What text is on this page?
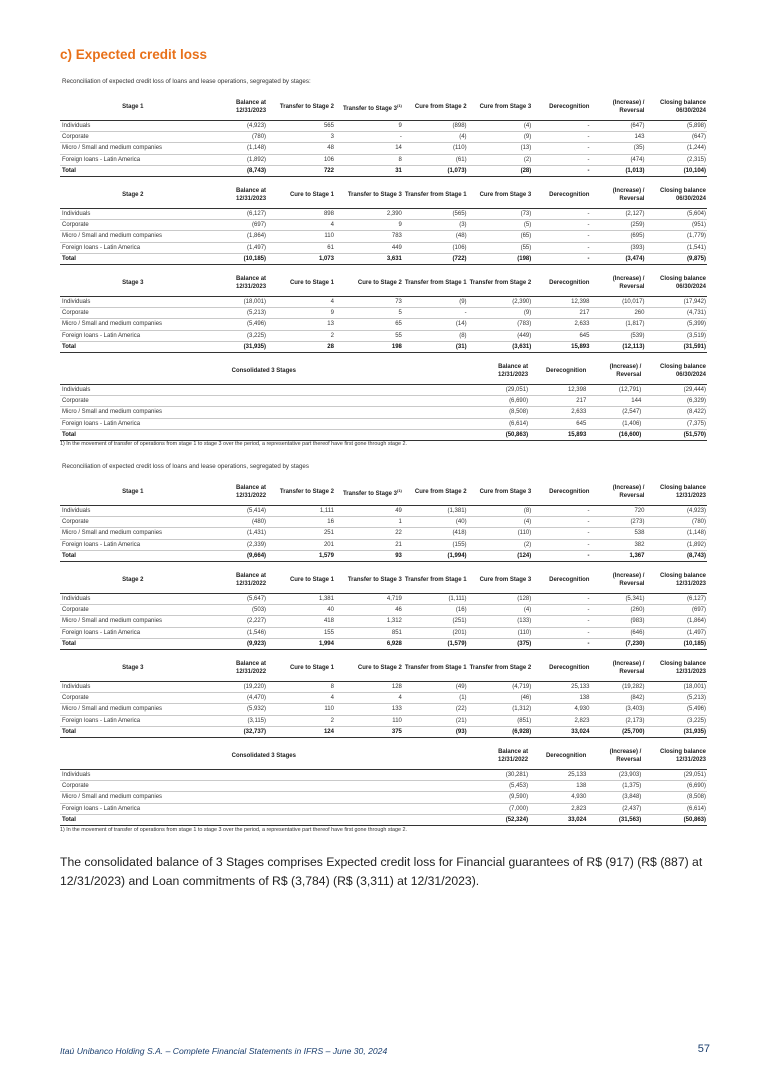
c) Expected credit loss
Reconciliation of expected credit loss of loans and lease operations, segregated by stages:
Stage 1	Balance at 12/31/2023	Transfer to Stage 2	Transfer to Stage 3$^{(1)}$	Cure from Stage 2	Cure from Stage 3	Derecognition	(Increase) / Reversal	Closing balance 06/30/2024
Individuals	(4,923)	565	9	(898)	(4)	-	(647)	(5,898)
Corporate	(780)	3	-	(4)	(9)	-	143	(647)
Micro / Small and medium companies	(1,148)	48	14	(110)	(13)	-	(35)	(1,244)
Foreign loans - Latin America	(1,892)	106	8	(61)	(2)	-	(474)	(2,315)
Total	(8,743)	722	31	(1,073)	(28)	-	(1,013)	(10,104)
Stage 2	Balance at 12/31/2023	Cure to Stage 1	Transfer to Stage 3	Transfer from Stage 1	Cure from Stage 3	Derecognition	(Increase) / Reversal	Closing balance 06/30/2024
Individuals	(6,127)	898	2,390	(565)	(73)	-	(2,127)	(5,604)
Corporate	(697)	4	9	(3)	(5)	-	(259)	(951)
Micro / Small and medium companies	(1,864)	110	783	(48)	(65)	-	(695)	(1,779)
Foreign loans - Latin America	(1,497)	61	449	(106)	(55)	-	(393)	(1,541)
Total	(10,185)	1,073	3,631	(722)	(198)	-	(3,474)	(9,875)
Stage 3	Balance at 12/31/2023	Cure to Stage 1	Cure to Stage 2	Transfer from Stage 1	Transfer from Stage 2	Derecognition	(Increase) / Reversal	Closing balance 06/30/2024
Individuals	(18,001)	4	73	(9)	(2,390)	12,398	(10,017)	(17,942)
Corporate	(5,213)	9	5	-	(9)	217	260	(4,731)
Micro / Small and medium companies	(5,496)	13	65	(14)	(783)	2,633	(1,817)	(5,399)
Foreign loans - Latin America	(3,225)	2	55	(8)	(449)	645	(539)	(3,519)
Total	(31,935)	28	198	(31)	(3,631)	15,893	(12,113)	(31,591)
Consolidated 3 Stages	Balance at 12/31/2023	Derecognition	(Increase) / Reversal	Closing balance 06/30/2024
Individuals	(29,051)	12,398	(12,791)	(29,444)
Corporate	(6,690)	217	144	(6,329)
Micro / Small and medium companies	(8,508)	2,633	(2,547)	(8,422)
Foreign loans - Latin America	(6,614)	645	(1,406)	(7,375)
Total	(50,863)	15,893	(16,600)	(51,570)
1) In the movement of transfer of operations from stage 1 to stage 3 over the period, a representative part thereof have first gone through stage 2.
Reconciliation of expected credit loss of loans and lease operations, segregated by stages
Stage 1	Balance at 12/31/2022	Transfer to Stage 2	Transfer to Stage 3$^{(1)}$	Cure from Stage 2	Cure from Stage 3	Derecognition	(Increase) / Reversal	Closing balance 12/31/2023
Individuals	(5,414)	1,111	49	(1,381)	(8)	-	720	(4,923)
Corporate	(480)	16	1	(40)	(4)	-	(273)	(780)
Micro / Small and medium companies	(1,431)	251	22	(418)	(110)	-	538	(1,148)
Foreign loans - Latin America	(2,339)	201	21	(155)	(2)	-	382	(1,892)
Total	(9,664)	1,579	93	(1,994)	(124)	-	1,367	(8,743)
Stage 2	Balance at 12/31/2022	Cure to Stage 1	Transfer to Stage 3	Transfer from Stage 1	Cure from Stage 3	Derecognition	(Increase) / Reversal	Closing balance 12/31/2023
Individuals	(5,647)	1,381	4,719	(1,111)	(128)	-	(5,341)	(6,127)
Corporate	(503)	40	46	(16)	(4)	-	(260)	(697)
Micro / Small and medium companies	(2,227)	418	1,312	(251)	(133)	-	(983)	(1,864)
Foreign loans - Latin America	(1,546)	155	851	(201)	(110)	-	(646)	(1,497)
Total	(9,923)	1,994	6,928	(1,579)	(375)	-	(7,230)	(10,185)
Stage 3	Balance at 12/31/2022	Cure to Stage 1	Cure to Stage 2	Transfer from Stage 1	Transfer from Stage 2	Derecognition	(Increase) / Reversal	Closing balance 12/31/2023
Individuals	(19,220)	8	128	(49)	(4,719)	25,133	(19,282)	(18,001)
Corporate	(4,470)	4	4	(1)	(46)	138	(842)	(5,213)
Micro / Small and medium companies	(5,932)	110	133	(22)	(1,312)	4,930	(3,403)	(5,496)
Foreign loans - Latin America	(3,115)	2	110	(21)	(851)	2,823	(2,173)	(3,225)
Total	(32,737)	124	375	(93)	(6,928)	33,024	(25,700)	(31,935)
Consolidated 3 Stages	Balance at 12/31/2022	Derecognition	(Increase) / Reversal	Closing balance 12/31/2023
Individuals	(30,281)	25,133	(23,903)	(29,051)
Corporate	(5,453)	138	(1,375)	(6,690)
Micro / Small and medium companies	(9,590)	4,930	(3,848)	(8,508)
Foreign loans - Latin America	(7,000)	2,823	(2,437)	(6,614)
Total	(52,324)	33,024	(31,563)	(50,863)
1) In the movement of transfer of operations from stage 1 to stage 3 over the period, a representative part thereof have first gone through stage 2.
The consolidated balance of 3 Stages comprises Expected credit loss for Financial guarantees of R$ (917) (R$ (887) at 12/31/2023) and Loan commitments of R$ (3,784) (R$ (3,311) at 12/31/2023).
Itaú Unibanco Holding S.A. – Complete Financial Statements in IFRS – June 30, 2024	57
